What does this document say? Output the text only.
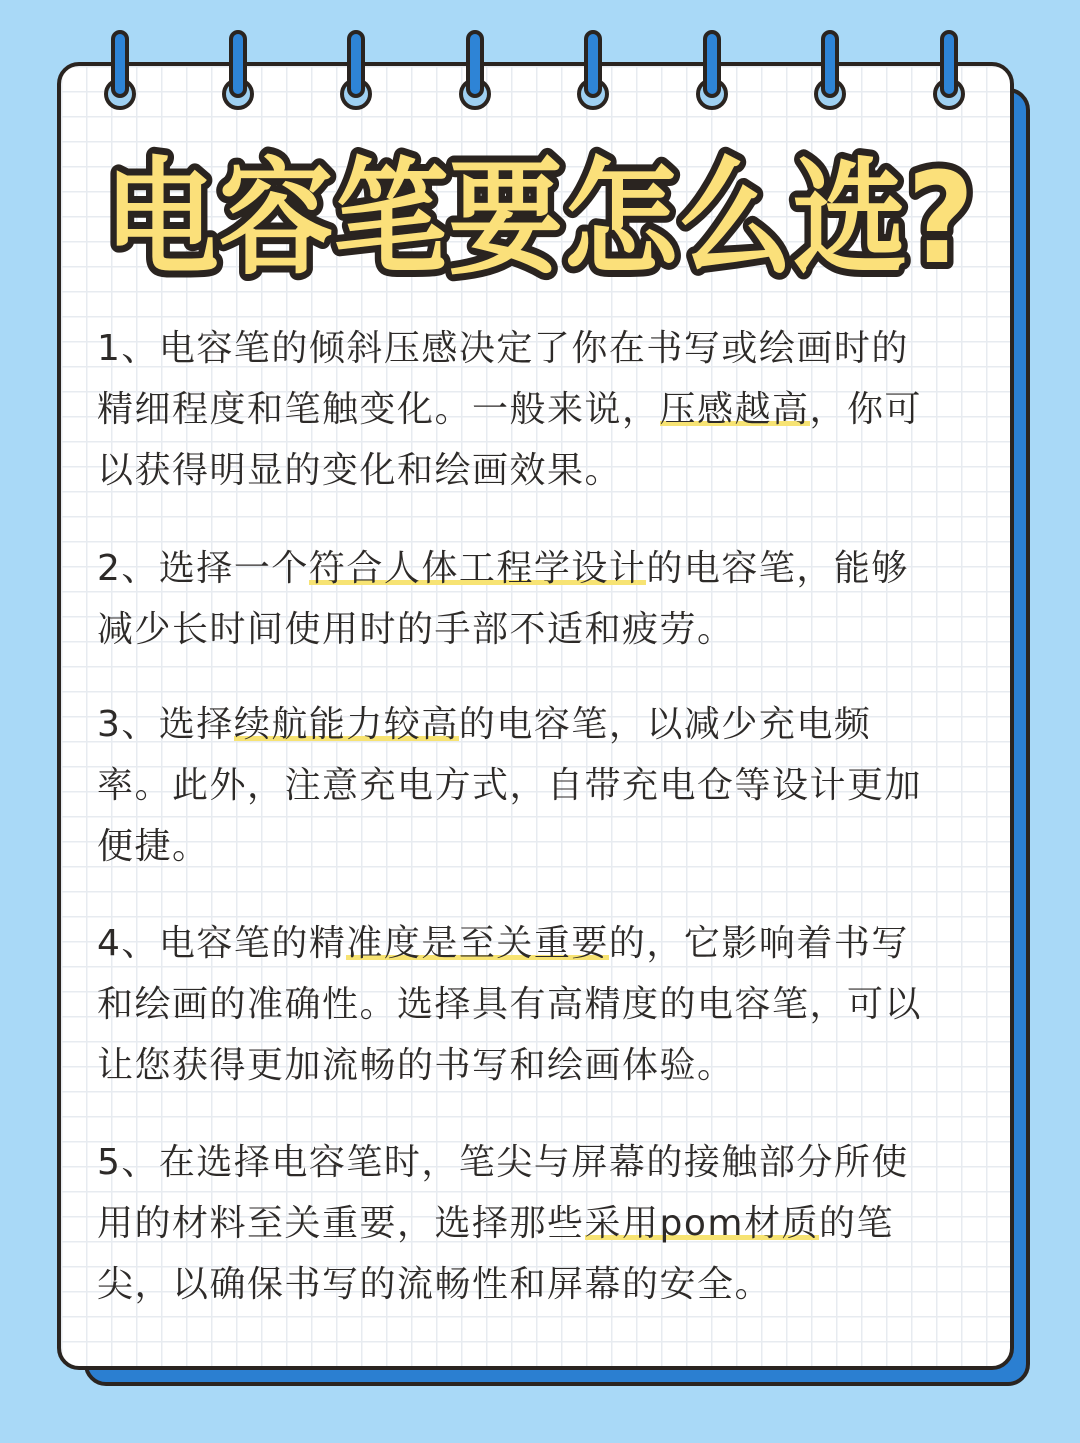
电容笔要怎么选?
1、电容笔的倾斜压感决定了你在书写或绘画时的
精细程度和笔触变化。一般来说，压感越高，你可
以获得明显的变化和绘画效果。
2、选择一个符合人体工程学设计的电容笔，能够
减少长时间使用时的手部不适和疲劳。
3、选择续航能力较高的电容笔，以减少充电频
率。此外，注意充电方式，自带充电仓等设计更加
便捷。
4、电容笔的精准度是至关重要的，它影响着书写
和绘画的准确性。选择具有高精度的电容笔，可以
让您获得更加流畅的书写和绘画体验。
5、在选择电容笔时，笔尖与屏幕的接触部分所使
用的材料至关重要，选择那些采用pom材质的笔
尖，以确保书写的流畅性和屏幕的安全。
